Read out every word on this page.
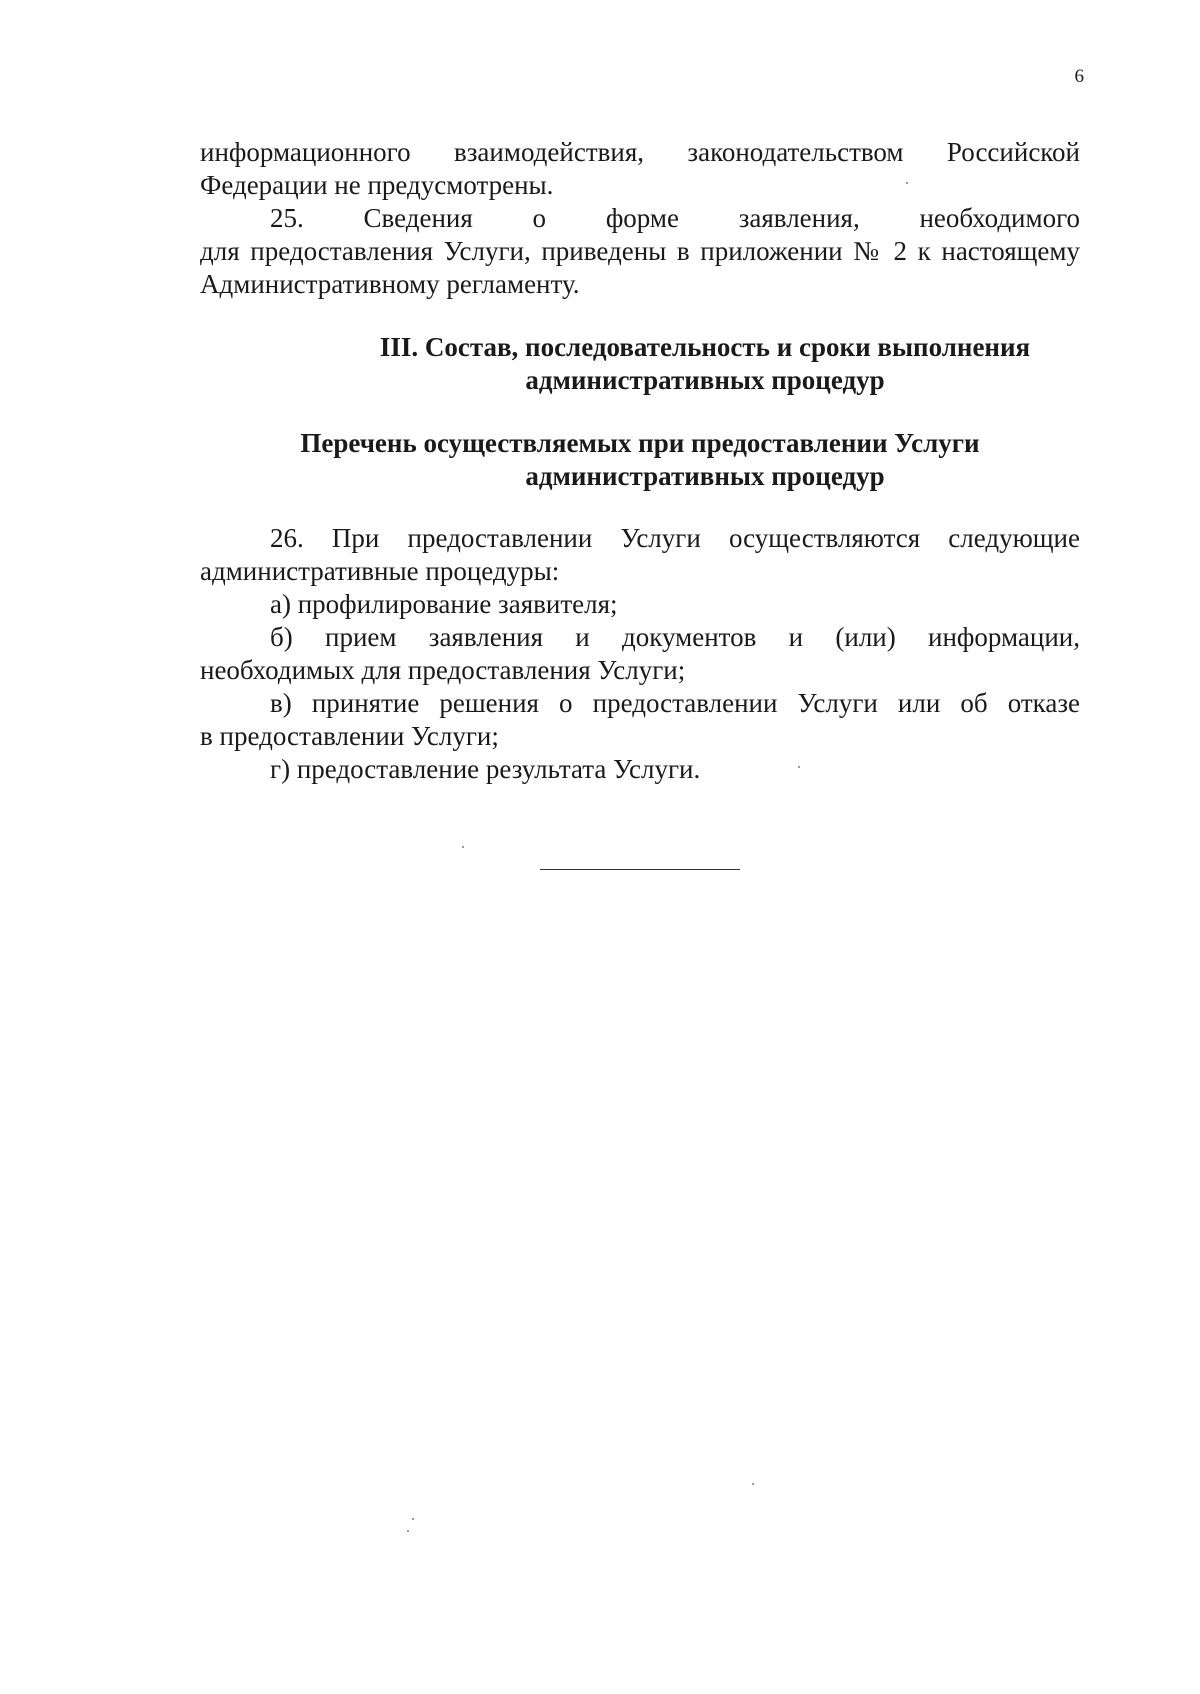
6
информационного взаимодействия, законодательством Российской
Федерации не предусмотрены.
25. Сведения о форме заявления, необходимого
для предоставления Услуги, приведены в приложении № 2 к настоящему
Административному регламенту.
III. Состав, последовательность и сроки выполнения
административных процедур
Перечень осуществляемых при предоставлении Услуги
административных процедур
26. При предоставлении Услуги осуществляются следующие
административные процедуры:
а) профилирование заявителя;
б) прием заявления и документов и (или) информации,
необходимых для предоставления Услуги;
в) принятие решения о предоставлении Услуги или об отказе
в предоставлении Услуги;
г) предоставление результата Услуги.
